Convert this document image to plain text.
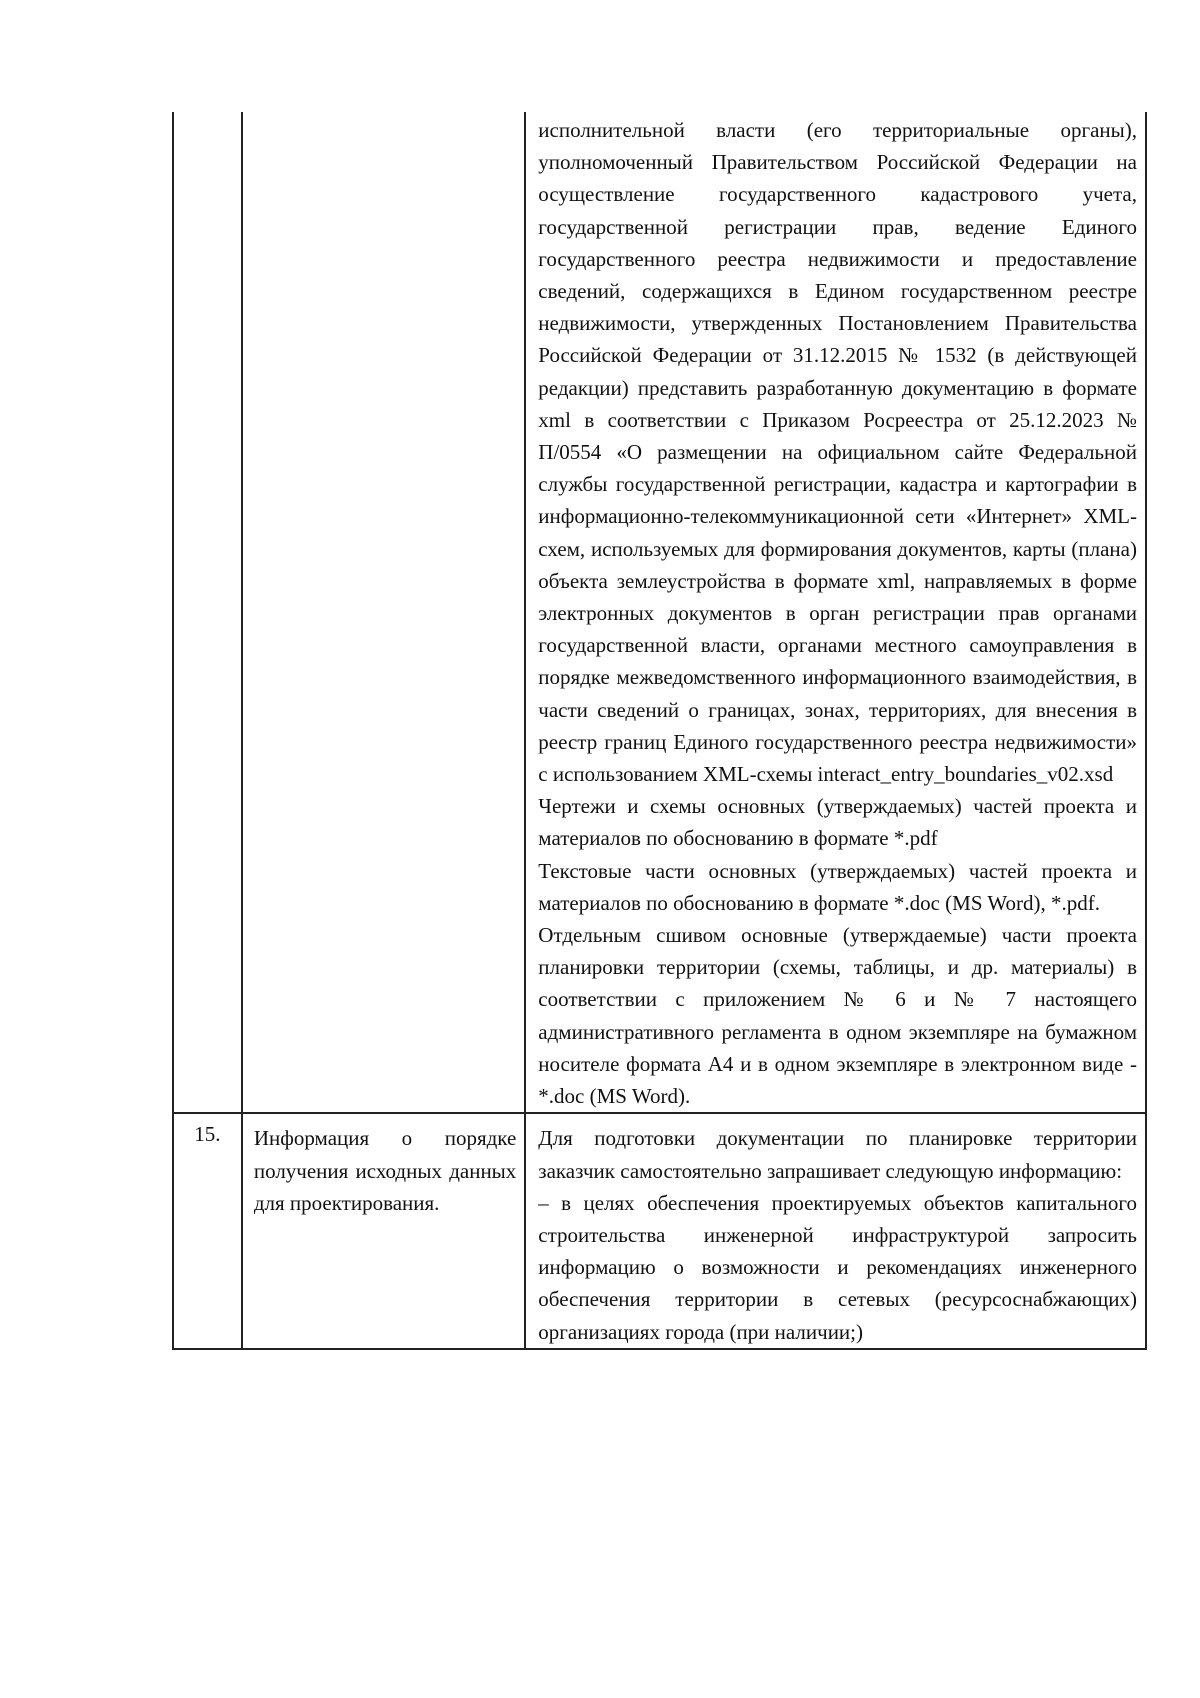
исполнительной власти (его территориальные органы), уполномоченный Правительством Российской Федерации на осуществление государственного кадастрового учета, государственной регистрации прав, ведение Единого государственного реестра недвижимости и предоставление сведений, содержащихся в Едином государственном реестре недвижимости, утвержденных Постановлением Правительства Российской Федерации от 31.12.2015 № 1532 (в действующей редакции) представить разработанную документацию в формате xml в соответствии с Приказом Росреестра от 25.12.2023 № П/0554 «О размещении на официальном сайте Федеральной службы государственной регистрации, кадастра и картографии в информационно-телекоммуникационной сети «Интернет» XML-схем, используемых для формирования документов, карты (плана) объекта землеустройства в формате xml, направляемых в форме электронных документов в орган регистрации прав органами государственной власти, органами местного самоуправления в порядке межведомственного информационного взаимодействия, в части сведений о границах, зонах, территориях, для внесения в реестр границ Единого государственного реестра недвижимости» с использованием XML-схемы interact_entry_boundaries_v02.xsd

Чертежи и схемы основных (утверждаемых) частей проекта и материалов по обоснованию в формате *.pdf

Текстовые части основных (утверждаемых) частей проекта и материалов по обоснованию в формате *.doc (MS Word), *.pdf.

Отдельным сшивом основные (утверждаемые) части проекта планировки территории (схемы, таблицы, и др. материалы) в соответствии с приложением № 6 и № 7 настоящего административного регламента в одном экземпляре на бумажном носителе формата А4 и в одном экземпляре в электронном виде -*.doc (MS Word).

15.	Информация о порядке получения исходных данных для проектирования.

Для подготовки документации по планировке территории заказчик самостоятельно запрашивает следующую информацию:

– в целях обеспечения проектируемых объектов капитального строительства инженерной инфраструктурой запросить информацию о возможности и рекомендациях инженерного обеспечения территории в сетевых (ресурсоснабжающих) организациях города (при наличии;)
